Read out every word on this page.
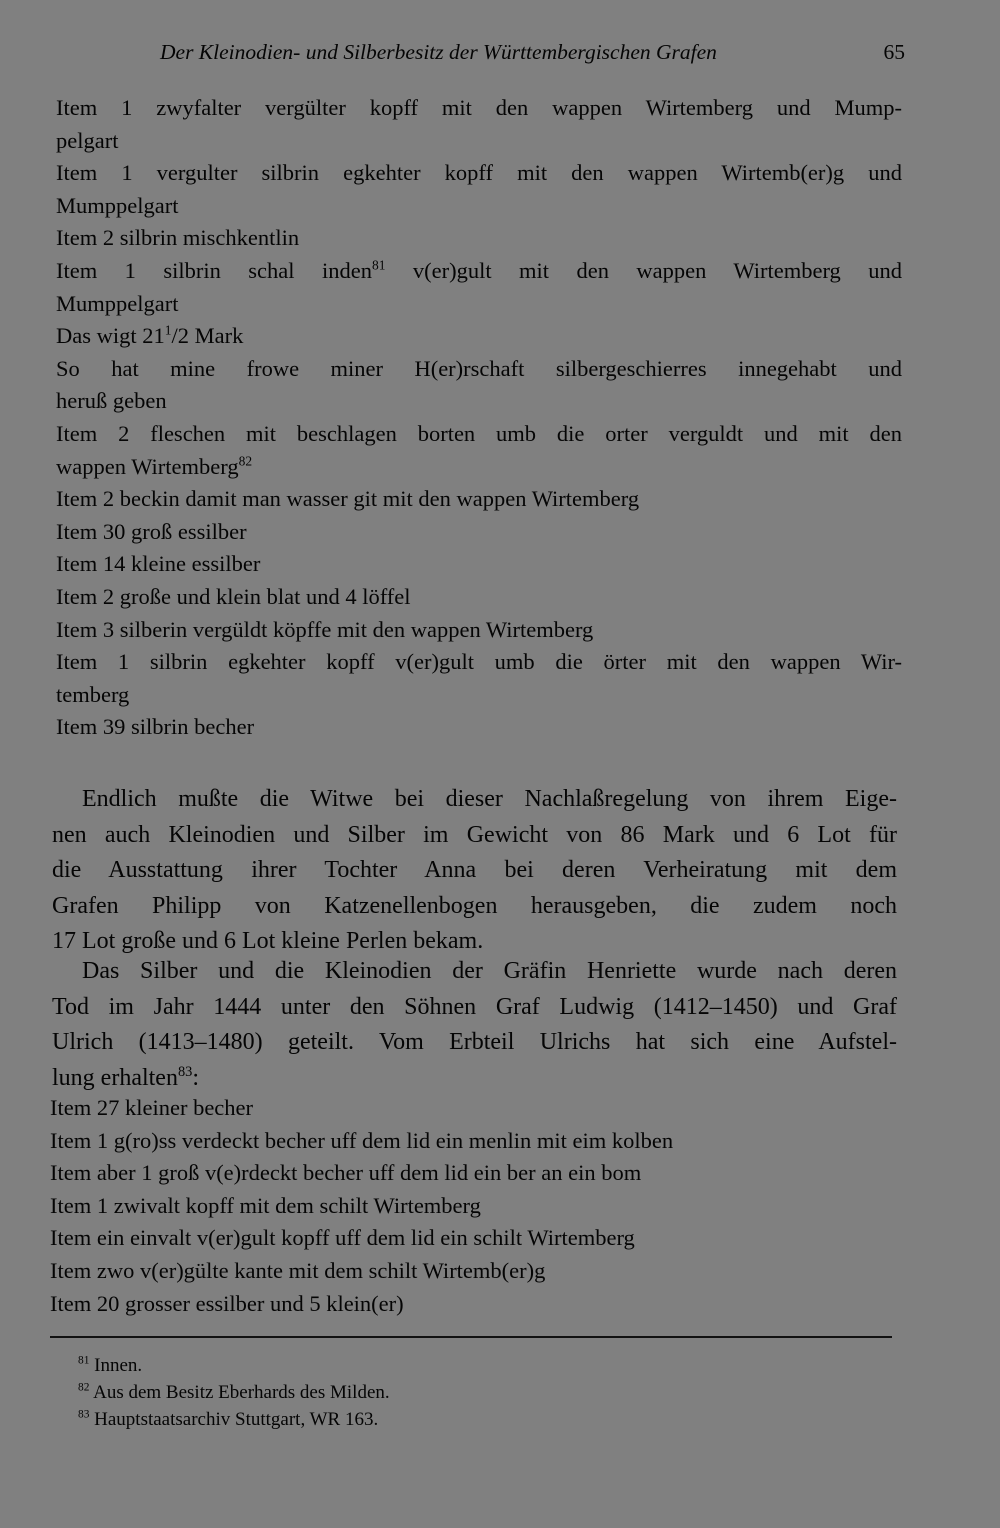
Der Kleinodien- und Silberbesitz der Württembergischen Grafen	65
Item 1 zwyfalter vergülter kopff mit den wappen Wirtemberg und Mump-
pelgart
Item 1 vergulter silbrin egkehter kopff mit den wappen Wirtemb(er)g und
Mumppelgart
Item 2 silbrin mischkentlin
Item 1 silbrin schal inden$^{81}$ v(er)gult mit den wappen Wirtemberg und
Mumppelgart
Das wigt $21^1/2$ Mark
So hat mine frowe miner H(er)rschaft silbergeschierres innegehabt und
heruß geben
Item 2 fleschen mit beschlagen borten umb die orter verguldt und mit den
wappen Wirtemberg$^{82}$
Item 2 beckin damit man wasser git mit den wappen Wirtemberg
Item 30 groß essilber
Item 14 kleine essilber
Item 2 große und klein blat und 4 löffel
Item 3 silberin vergüldt köpffe mit den wappen Wirtemberg
Item 1 silbrin egkehter kopff v(er)gult umb die örter mit den wappen Wir-
temberg
Item 39 silbrin becher
Endlich mußte die Witwe bei dieser Nachlaßregelung von ihrem Eige-
nen auch Kleinodien und Silber im Gewicht von 86 Mark und 6 Lot für
die Ausstattung ihrer Tochter Anna bei deren Verheiratung mit dem
Grafen Philipp von Katzenellenbogen herausgeben, die zudem noch
17 Lot große und 6 Lot kleine Perlen bekam.
Das Silber und die Kleinodien der Gräfin Henriette wurde nach deren
Tod im Jahr 1444 unter den Söhnen Graf Ludwig (1412–1450) und Graf
Ulrich (1413–1480) geteilt. Vom Erbteil Ulrichs hat sich eine Aufstel-
lung erhalten$^{83}$:
Item 27 kleiner becher
Item 1 g(ro)ss verdeckt becher uff dem lid ein menlin mit eim kolben
Item aber 1 groß v(e)rdeckt becher uff dem lid ein ber an ein bom
Item 1 zwivalt kopff mit dem schilt Wirtemberg
Item ein einvalt v(er)gult kopff uff dem lid ein schilt Wirtemberg
Item zwo v(er)gülte kante mit dem schilt Wirtemb(er)g
Item 20 grosser essilber und 5 klein(er)
$^{81}$ Innen.
$^{82}$ Aus dem Besitz Eberhards des Milden.
$^{83}$ Hauptstaatsarchiv Stuttgart, WR 163.
